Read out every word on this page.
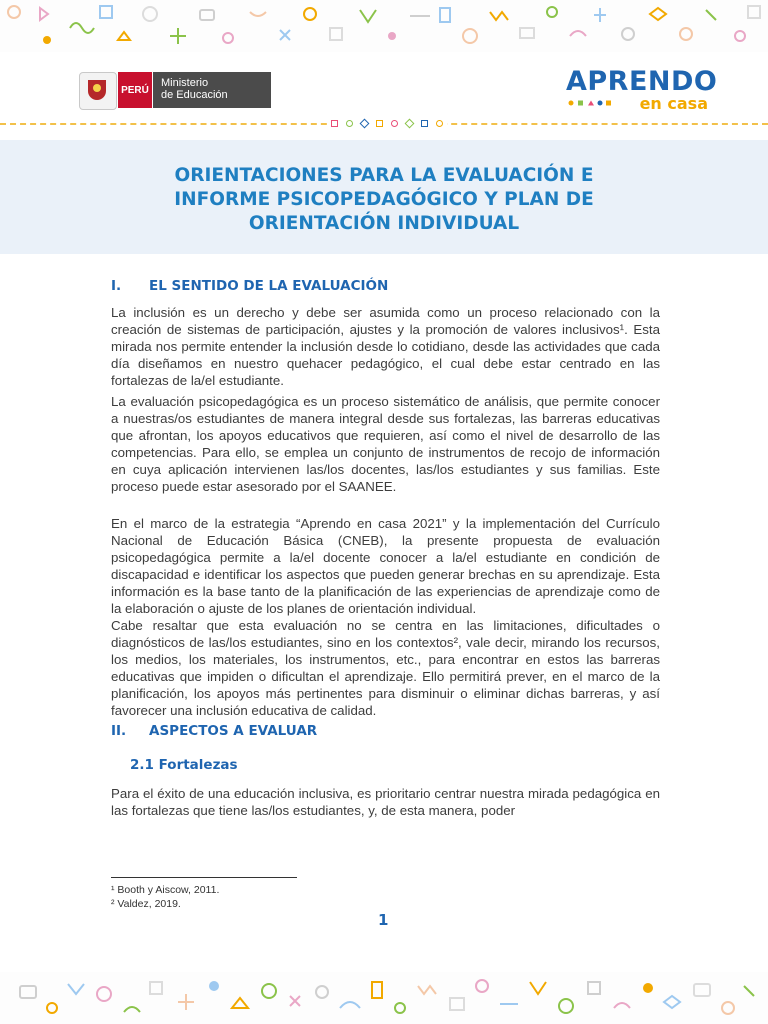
PERÚ
Ministerio
de Educación	APRENDO
en casa
ORIENTACIONES PARA LA EVALUACIÓN E
INFORME PSICOPEDAGÓGICO Y PLAN DE
ORIENTACIÓN INDIVIDUAL
I. EL SENTIDO DE LA EVALUACIÓN

La inclusión es un derecho y debe ser asumida como un proceso relacionado con la creación de sistemas de participación, ajustes y la promoción de valores inclusivos¹. Esta mirada nos permite entender la inclusión desde lo cotidiano, desde las actividades que cada día diseñamos en nuestro quehacer pedagógico, el cual debe estar centrado en las fortalezas de la/el estudiante.

La evaluación psicopedagógica es un proceso sistemático de análisis, que permite conocer a nuestras/os estudiantes de manera integral desde sus fortalezas, las barreras educativas que afrontan, los apoyos educativos que requieren, así como el nivel de desarrollo de las competencias. Para ello, se emplea un conjunto de instrumentos de recojo de información en cuya aplicación intervienen las/los docentes, las/los estudiantes y sus familias. Este proceso puede estar asesorado por el SAANEE.

En el marco de la estrategia “Aprendo en casa 2021” y la implementación del Currículo Nacional de Educación Básica (CNEB), la presente propuesta de evaluación psicopedagógica permite a la/el docente conocer a la/el estudiante en condición de discapacidad e identificar los aspectos que pueden generar brechas en su aprendizaje. Esta información es la base tanto de la planificación de las experiencias de aprendizaje como de la elaboración o ajuste de los planes de orientación individual.

Cabe resaltar que esta evaluación no se centra en las limitaciones, dificultades o diagnósticos de las/los estudiantes, sino en los contextos², vale decir, mirando los recursos, los medios, los materiales, los instrumentos, etc., para encontrar en estos las barreras educativas que impiden o dificultan el aprendizaje. Ello permitirá prever, en el marco de la planificación, los apoyos más pertinentes para disminuir o eliminar dichas barreras, y así favorecer una inclusión educativa de calidad.

II. ASPECTOS A EVALUAR
2.1 Fortalezas

Para el éxito de una educación inclusiva, es prioritario centrar nuestra mirada pedagógica en las fortalezas que tiene las/los estudiantes, y, de esta manera, poder

¹ Booth y Aiscow, 2011.
² Valdez, 2019.
1
